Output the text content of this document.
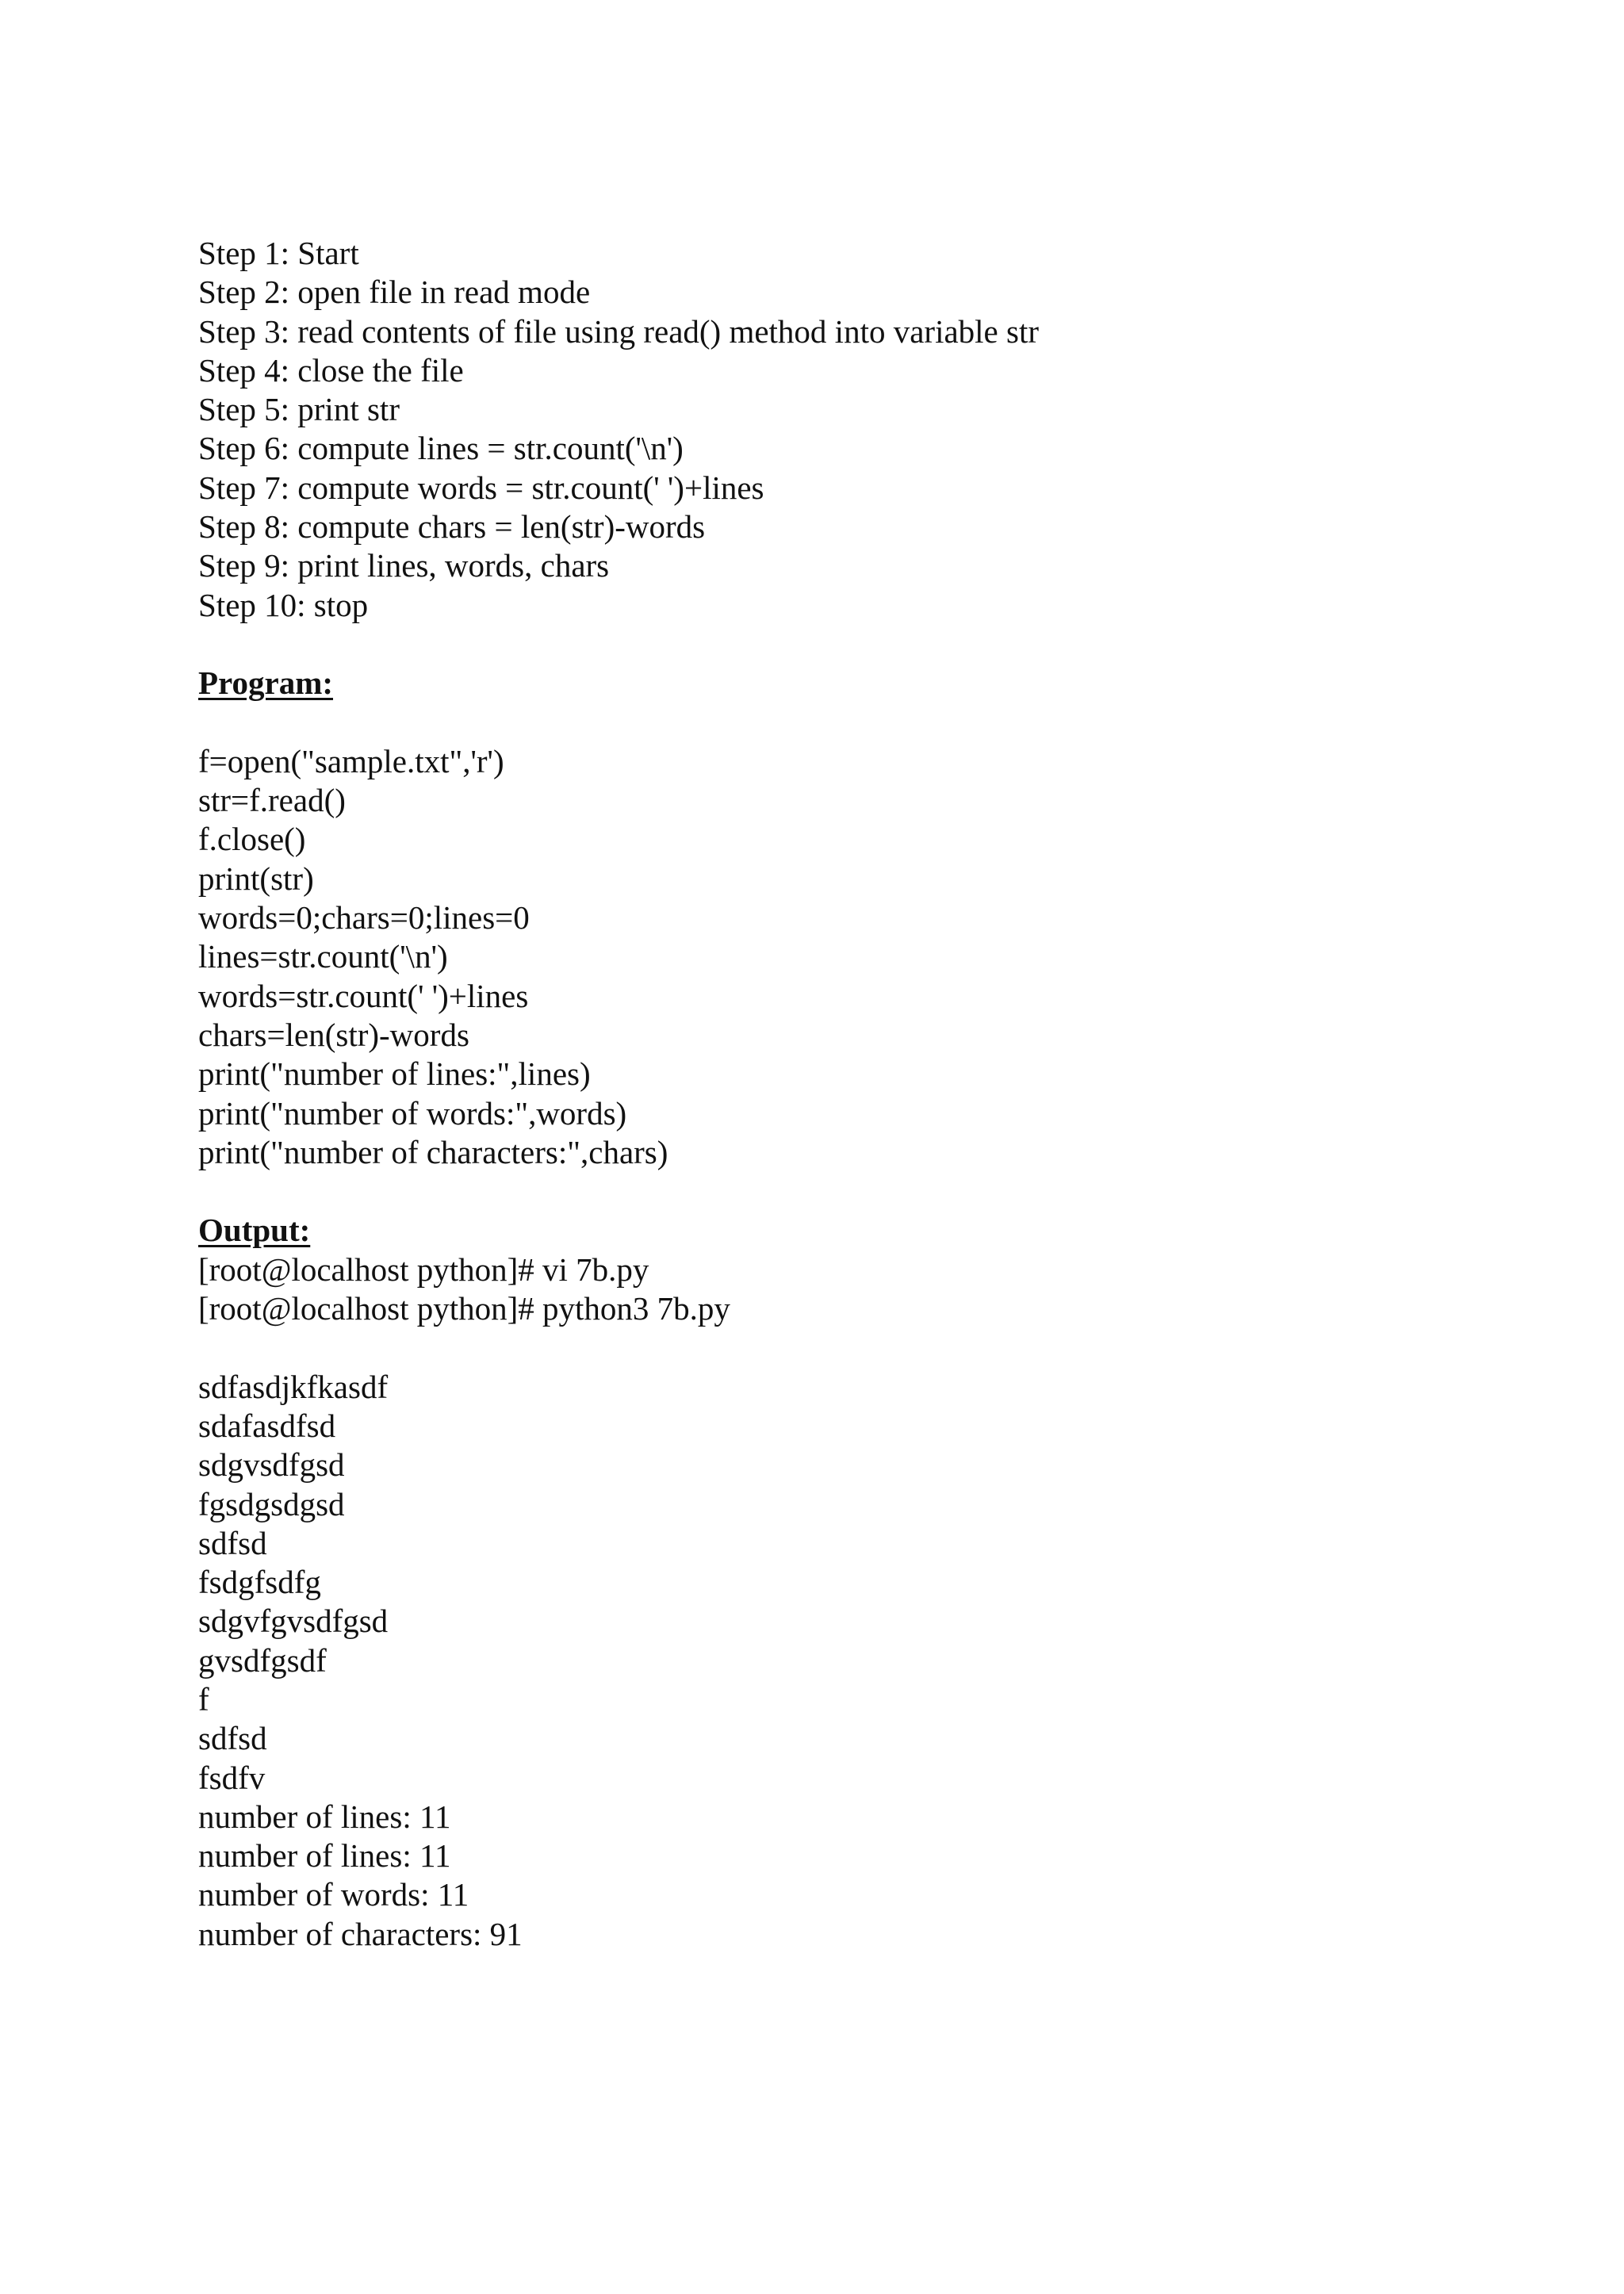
Step 1: Start
Step 2: open file in read mode
Step 3: read contents of file using read() method into variable str
Step 4: close the file
Step 5: print str
Step 6: compute lines = str.count('\n')
Step 7: compute words = str.count(' ')+lines
Step 8: compute chars = len(str)-words
Step 9: print lines, words, chars
Step 10: stop
Program:
f=open("sample.txt",'r')
str=f.read()
f.close()
print(str)
words=0;chars=0;lines=0
lines=str.count('\n')
words=str.count(' ')+lines
chars=len(str)-words
print("number of lines:",lines)
print("number of words:",words)
print("number of characters:",chars)
Output:
[root@localhost python]# vi 7b.py
[root@localhost python]# python3 7b.py
sdfasdjkfkasdf
sdafasdfsd
sdgvsdfgsd
fgsdgsdgsd
sdfsd
fsdgfsdfg
sdgvfgvsdfgsd
gvsdfgsdf
f
sdfsd
fsdfv
number of lines: 11
number of lines: 11
number of words: 11
number of characters: 91
